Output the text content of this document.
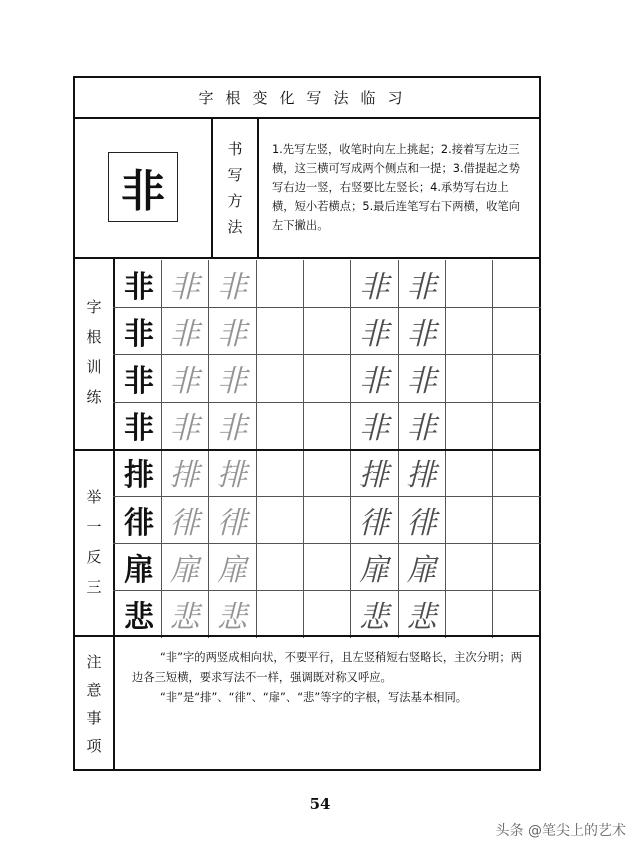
字根变化写法临习
非
书
写
方
法
1.先写左竖，收笔时向左上挑起；2.接着写左边三横，这三横可写成两个侧点和一提；3.借提起之势写右边一竖，右竖要比左竖长；4.承势写右边上横，短小若横点；5.最后连笔写右下两横，收笔向左下撇出。
字
根
训
练
举
一
反
三
注
意
事
项
非 非 非	非 非
非 非 非	非 非
非 非 非	非 非
非 非 非	非 非
排 排 排	排 排
徘 徘 徘	徘 徘
扉 扉 扉	扉 扉
悲 悲 悲	悲 悲

“非”字的两竖成相向状，不要平行，且左竖稍短右竖略长，主次分明；两边各三短横，要求写法不一样，强调既对称又呼应。

“非”是“排”、“徘”、“扉”、“悲”等字的字根，写法基本相同。

54
头条 @笔尖上的艺术
